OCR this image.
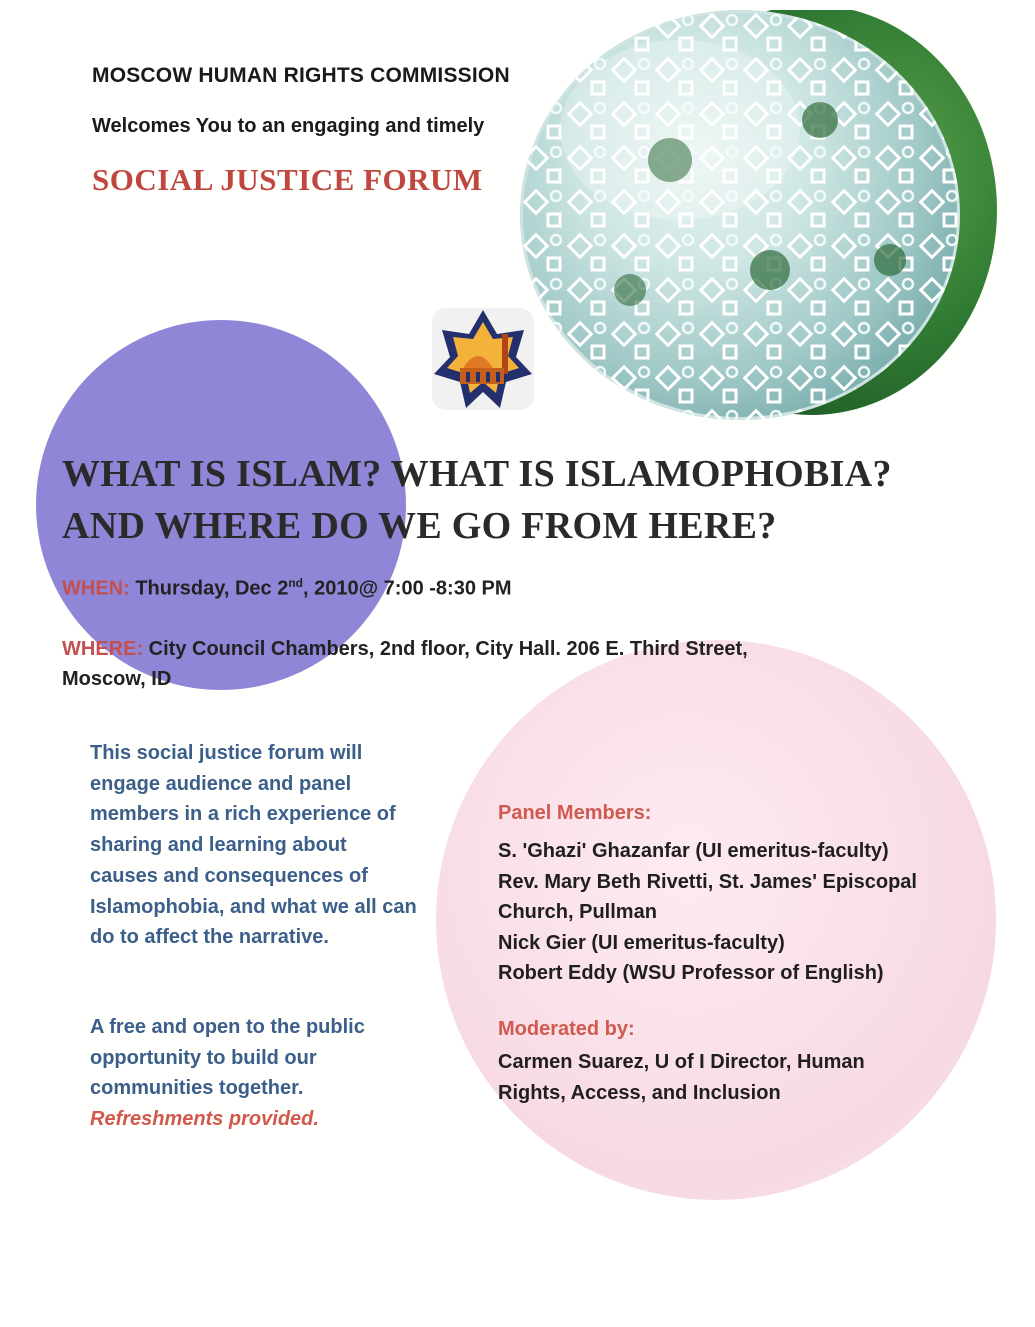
MOSCOW HUMAN RIGHTS COMMISSION

Welcomes You to an engaging and timely

SOCIAL JUSTICE FORUM

WHAT IS ISLAM? WHAT IS ISLAMOPHOBIA?

AND WHERE DO WE GO FROM HERE?

WHEN: Thursday, Dec 2nd, 2010@ 7:00 -8:30 PM

WHERE: City Council Chambers, 2nd floor, City Hall. 206 E. Third Street,

Moscow, ID

This social justice forum will engage audience and panel members in a rich experience of sharing and learning about causes and consequences of Islamophobia, and what we all can do to affect the narrative.

A free and open to the public opportunity to build our communities together.
Refreshments provided.

Panel Members:

S. 'Ghazi' Ghazanfar (UI emeritus-faculty)
Rev. Mary Beth Rivetti, St. James' Episcopal
Church, Pullman
Nick Gier (UI emeritus-faculty)
Robert Eddy (WSU Professor of English)

Moderated by:

Carmen Suarez, U of I Director, Human Rights, Access, and Inclusion
